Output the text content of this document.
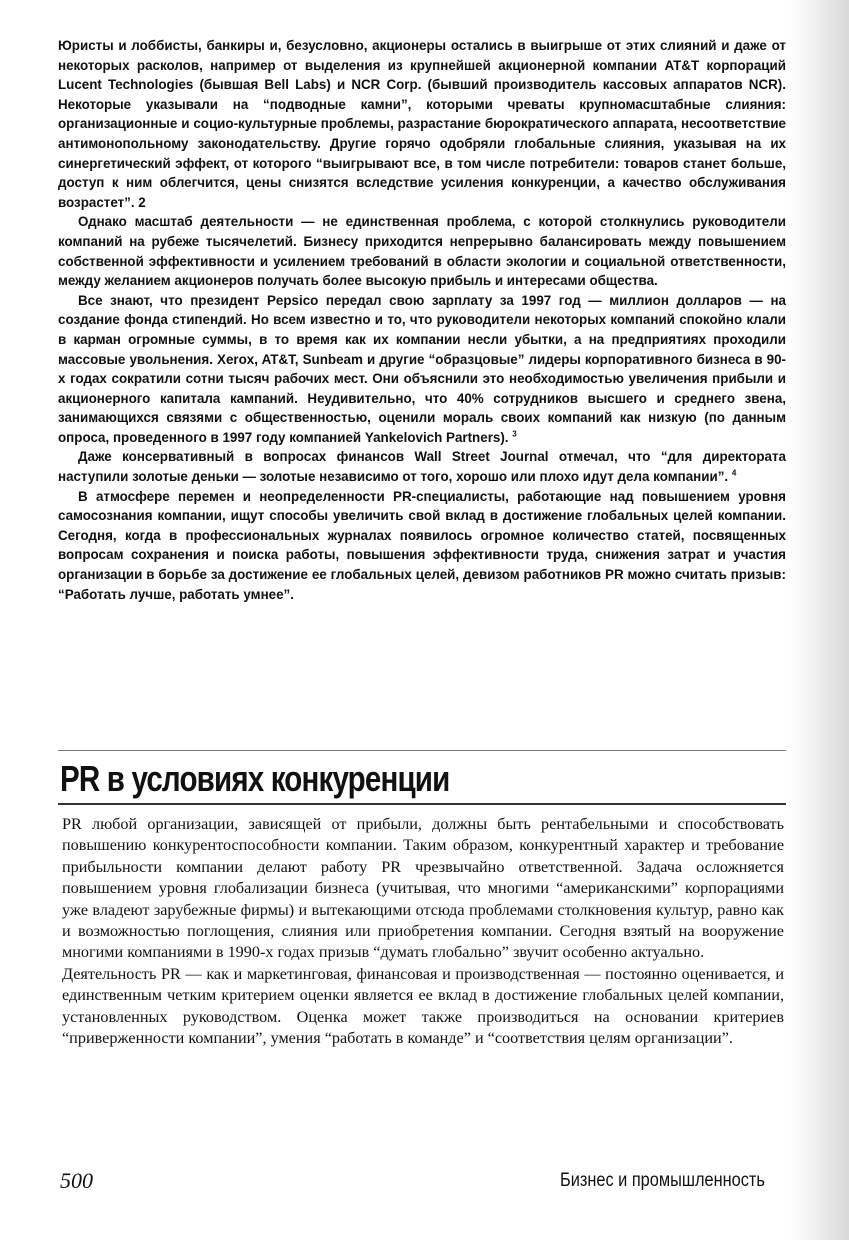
Юристы и лоббисты, банкиры и, безусловно, акционеры остались в выигрыше от этих слияний и даже от некоторых расколов, например от выделения из крупнейшей акционерной компании AT&T корпораций Lucent Technologies (бывшая Bell Labs) и NCR Corp. (бывший производитель кассовых аппаратов NCR). Некоторые указывали на “подводные камни”, которыми чреваты крупномасштабные слияния: организационные и социо-культурные проблемы, разрастание бюрократического аппарата, несоответствие антимонопольному законодательству. Другие горячо одобряли глобальные слияния, указывая на их синергетический эффект, от которого “выигрывают все, в том числе потребители: товаров станет больше, доступ к ним облегчится, цены снизятся вследствие усиления конкуренции, а качество обслуживания возрастет”. 2

Однако масштаб деятельности — не единственная проблема, с которой столкнулись руководители компаний на рубеже тысячелетий. Бизнесу приходится непрерывно балансировать между повышением собственной эффективности и усилением требований в области экологии и социальной ответственности, между желанием акционеров получать более высокую прибыль и интересами общества.

Все знают, что президент Pepsico передал свою зарплату за 1997 год — миллион долларов — на создание фонда стипендий. Но всем известно и то, что руководители некоторых компаний спокойно клали в карман огромные суммы, в то время как их компании несли убытки, а на предприятиях проходили массовые увольнения. Xerox, AT&T, Sunbeam и другие “образцовые” лидеры корпоративного бизнеса в 90-х годах сократили сотни тысяч рабочих мест. Они объяснили это необходимостью увеличения прибыли и акционерного капитала кампаний. Неудивительно, что 40% сотрудников высшего и среднего звена, занимающихся связями с общественностью, оценили мораль своих компаний как низкую (по данным опроса, проведенного в 1997 году компанией Yankelovich Partners). $^3$

Даже консервативный в вопросах финансов Wall Street Journal отмечал, что “для директората наступили золотые деньки — золотые независимо от того, хорошо или плохо идут дела компании”. $^4$

В атмосфере перемен и неопределенности PR-специалисты, работающие над повышением уровня самосознания компании, ищут способы увеличить свой вклад в достижение глобальных целей компании. Сегодня, когда в профессиональных журналах появилось огромное количество статей, посвященных вопросам сохранения и поиска работы, повышения эффективности труда, снижения затрат и участия организации в борьбе за достижение ее глобальных целей, девизом работников PR можно считать призыв: “Работать лучше, работать умнее”.

PR в условиях конкуренции

PR любой организации, зависящей от прибыли, должны быть рентабельными и способствовать повышению конкурентоспособности компании. Таким образом, конкурентный характер и требование прибыльности компании делают работу PR чрезвычайно ответственной. Задача осложняется повышением уровня глобализации бизнеса (учитывая, что многими “американскими” корпорациями уже владеют зарубежные фирмы) и вытекающими отсюда проблемами столкновения культур, равно как и возможностью поглощения, слияния или приобретения компании. Сегодня взятый на вооружение многими компаниями в 1990-х годах призыв “думать глобально” звучит особенно актуально.

Деятельность PR — как и маркетинговая, финансовая и производственная — постоянно оценивается, и единственным четким критерием оценки является ее вклад в достижение глобальных целей компании, установленных руководством. Оценка может также производиться на основании критериев “приверженности компании”, умения “работать в команде” и “соответствия целям организации”.

500	Бизнес и промышленность
